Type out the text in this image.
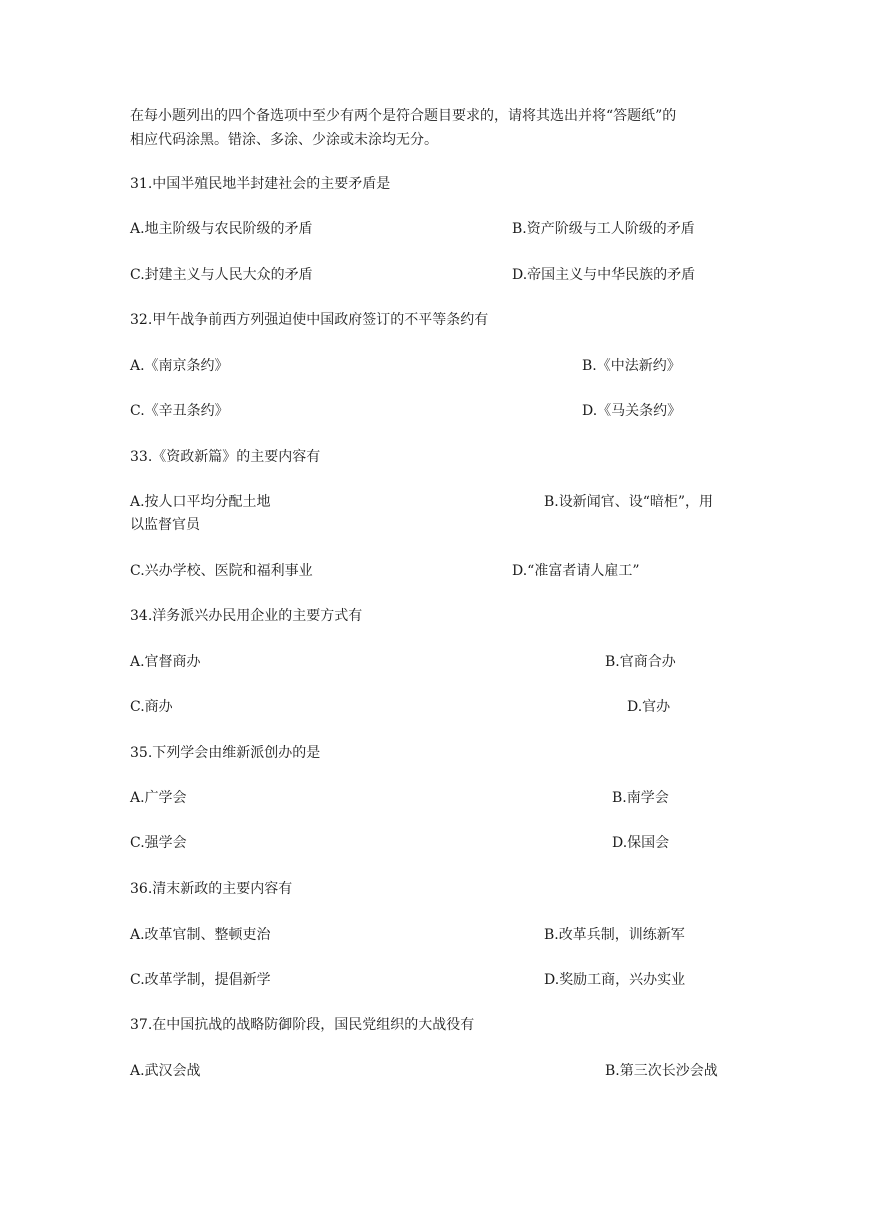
在每小题列出的四个备选项中至少有两个是符合题目要求的，请将其选出并将“答题纸”的
相应代码涂黑。错涂、多涂、少涂或未涂均无分。
31.中国半殖民地半封建社会的主要矛盾是
A.地主阶级与农民阶级的矛盾	B.资产阶级与工人阶级的矛盾
C.封建主义与人民大众的矛盾	D.帝国主义与中华民族的矛盾
32.甲午战争前西方列强迫使中国政府签订的不平等条约有
A.《南京条约》	B.《中法新约》
C.《辛丑条约》	D.《马关条约》
33.《资政新篇》的主要内容有
A.按人口平均分配土地	B.设新闻官、设“暗柜”，用
以监督官员
C.兴办学校、医院和福利事业	D.“准富者请人雇工”
34.洋务派兴办民用企业的主要方式有
A.官督商办	B.官商合办
C.商办	D.官办
35.下列学会由维新派创办的是
A.广学会	B.南学会
C.强学会	D.保国会
36.清末新政的主要内容有
A.改革官制、整顿吏治	B.改革兵制，训练新军
C.改革学制，提倡新学	D.奖励工商，兴办实业
37.在中国抗战的战略防御阶段，国民党组织的大战役有
A.武汉会战	B.第三次长沙会战
